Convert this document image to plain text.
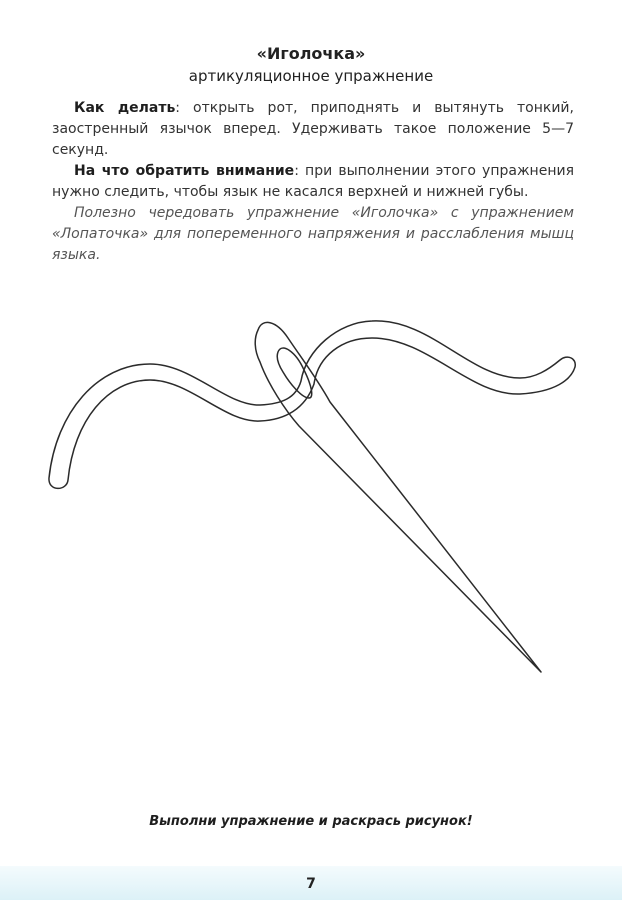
«Иголочка»
артикуляционное упражнение

Как делать: открыть рот, приподнять и вытянуть тонкий, заостренный язычок вперед. Удерживать такое положение 5—7 секунд.

На что обратить внимание: при выполнении этого упражнения нужно следить, чтобы язык не касался верхней и нижней губы.

Полезно чередовать упражнение «Иголочка» с упражнением «Лопаточка» для попеременного напряжения и расслабления мышц языка.

Выполни упражнение и раскрась рисунок!
7
